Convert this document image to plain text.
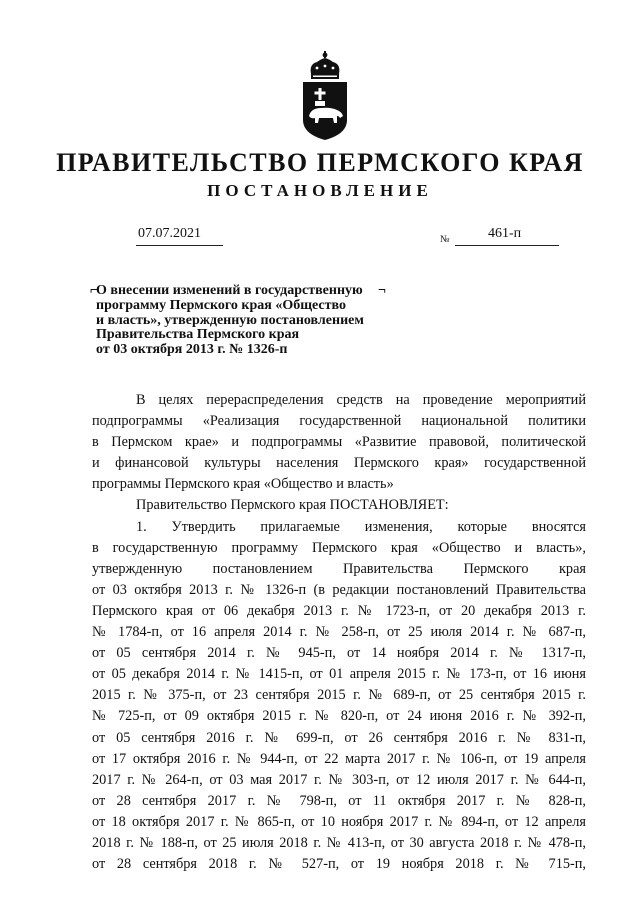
ПРАВИТЕЛЬСТВО ПЕРМСКОГО КРАЯ
ПОСТАНОВЛЕНИЕ
07.07.2021	№	461-п
⌐	¬
О внесении изменений в государственную
программу Пермского края «Общество
и власть», утвержденную постановлением
Правительства Пермского края
от 03 октября 2013 г. № 1326-п
В целях перераспределения средств на проведение мероприятий
подпрограммы «Реализация государственной национальной политики
в Пермском крае» и подпрограммы «Развитие правовой, политической
и финансовой культуры населения Пермского края» государственной
программы Пермского края «Общество и власть»
Правительство Пермского края ПОСТАНОВЛЯЕТ:
1. Утвердить прилагаемые изменения, которые вносятся
в государственную программу Пермского края «Общество и власть»,
утвержденную постановлением Правительства Пермского края
от 03 октября 2013 г. № 1326-п (в редакции постановлений Правительства
Пермского края от 06 декабря 2013 г. № 1723-п, от 20 декабря 2013 г.
№ 1784-п, от 16 апреля 2014 г. № 258-п, от 25 июля 2014 г. № 687-п,
от 05 сентября 2014 г. № 945-п, от 14 ноября 2014 г. № 1317-п,
от 05 декабря 2014 г. № 1415-п, от 01 апреля 2015 г. № 173-п, от 16 июня
2015 г. № 375-п, от 23 сентября 2015 г. № 689-п, от 25 сентября 2015 г.
№ 725-п, от 09 октября 2015 г. № 820-п, от 24 июня 2016 г. № 392-п,
от 05 сентября 2016 г. № 699-п, от 26 сентября 2016 г. № 831-п,
от 17 октября 2016 г. № 944-п, от 22 марта 2017 г. № 106-п, от 19 апреля
2017 г. № 264-п, от 03 мая 2017 г. № 303-п, от 12 июля 2017 г. № 644-п,
от 28 сентября 2017 г. № 798-п, от 11 октября 2017 г. № 828-п,
от 18 октября 2017 г. № 865-п, от 10 ноября 2017 г. № 894-п, от 12 апреля
2018 г. № 188-п, от 25 июля 2018 г. № 413-п, от 30 августа 2018 г. № 478-п,
от 28 сентября 2018 г. № 527-п, от 19 ноября 2018 г. № 715-п,
